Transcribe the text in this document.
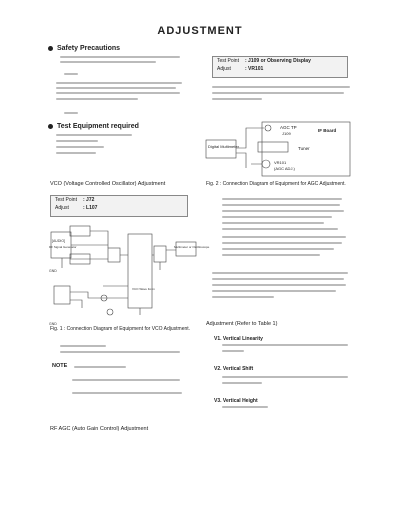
ADJUSTMENT
Safety Precautions
Test Equipment required
VCO (Voltage Controlled Oscillator) Adjustment
Test Point	: J72
Adjust	: L107
[AUDIO]
RF Signal Generator
GND
GND
Multimeter or Oscilloscope
VCO Wave Form
Fig. 1 : Connection Diagram of Equipment for VCO Adjustment.
NOTE
RF AGC (Auto Gain Control) Adjustment
Test Point	: J109 or Observing Display
Adjust	: VR101
AGC TP
J109
IF Board
Tuner
Digital Multimeter
VR101
(AGC ADJ.)
Fig. 2 : Connection Diagram of Equipment for AGC Adjustment.
Adjustment (Refer to Table 1)
V1. Vertical Linearity
V2. Vertical Shift
V3. Vertical Height
